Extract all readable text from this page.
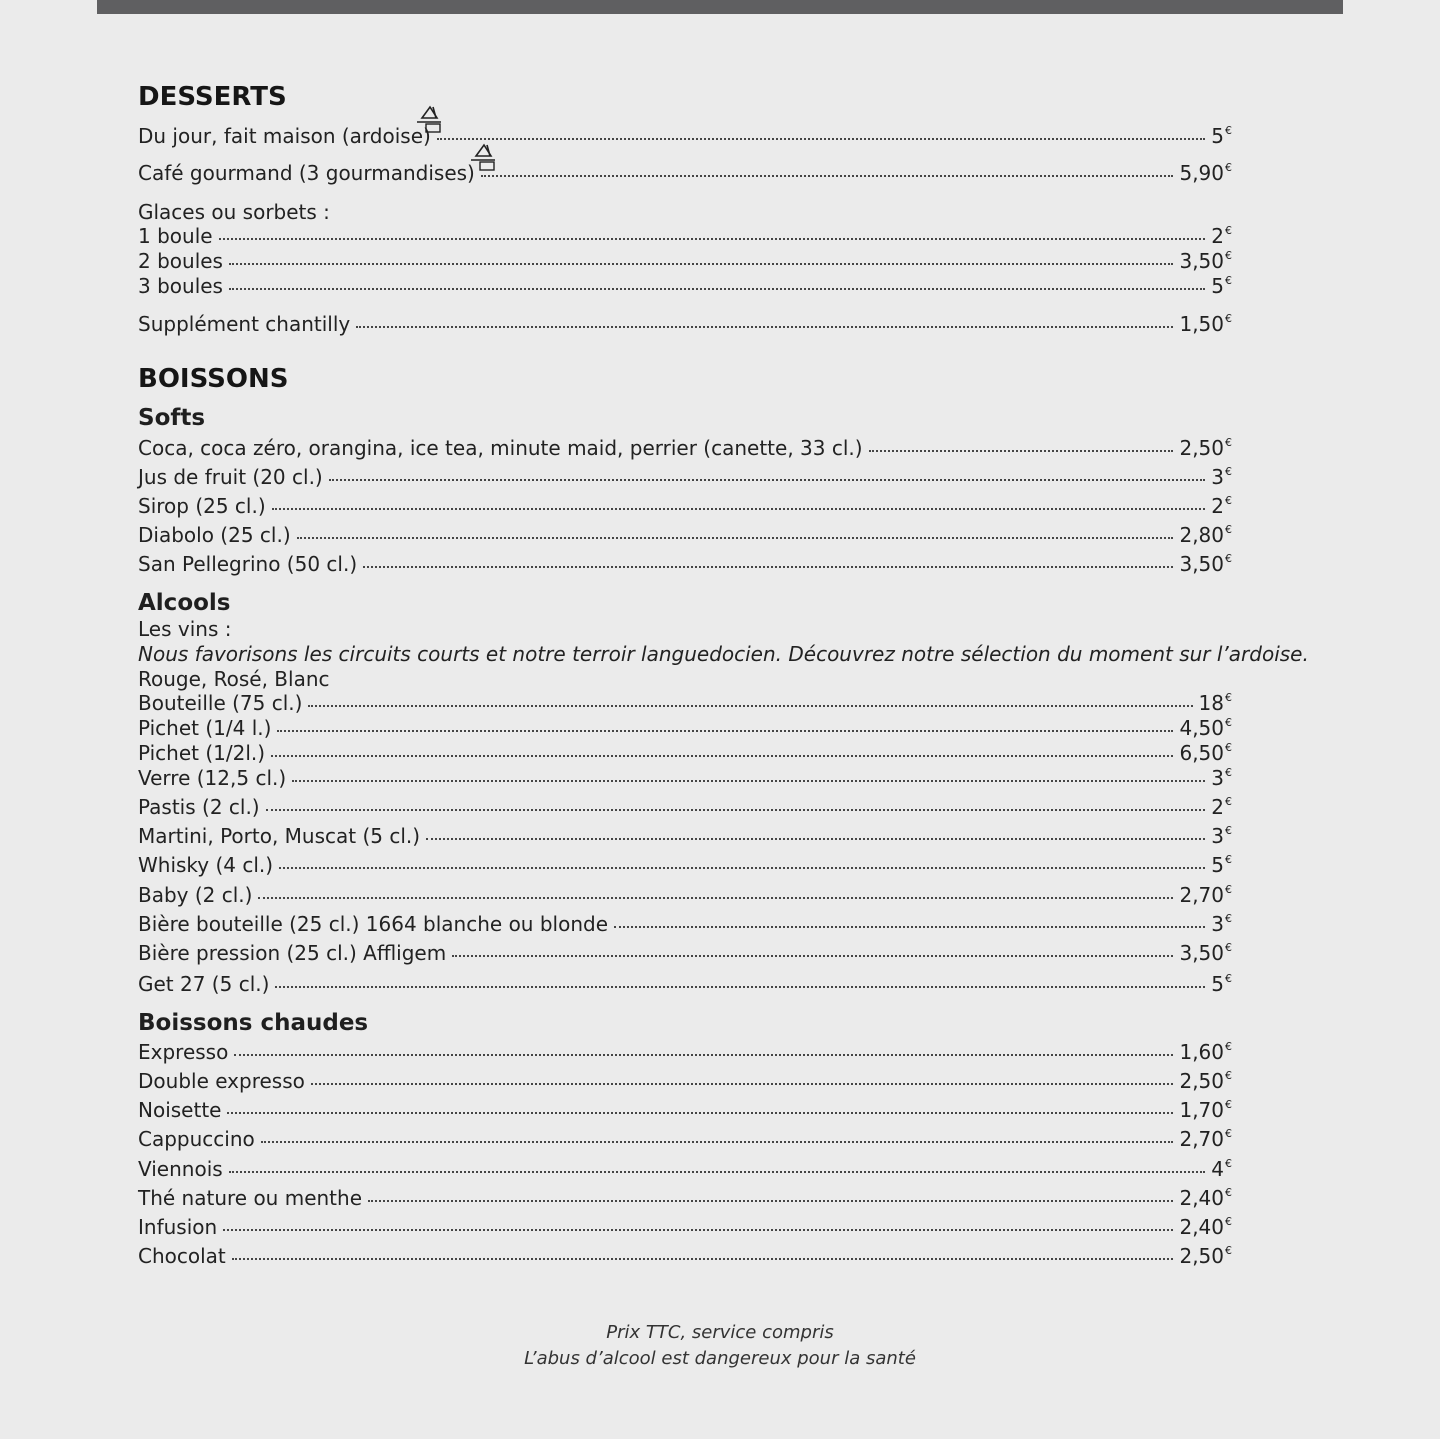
DESSERTS
Du jour, fait maison (ardoise)	5€
Café gourmand (3 gourmandises)	5,90€
Glaces ou sorbets :
1 boule	2€
2 boules	3,50€
3 boules	5€
Supplément chantilly	1,50€
BOISSONS
Softs
Coca, coca zéro, orangina, ice tea, minute maid, perrier (canette, 33 cl.)	2,50€
Jus de fruit (20 cl.)	3€
Sirop (25 cl.)	2€
Diabolo (25 cl.)	2,80€
San Pellegrino (50 cl.)	3,50€
Alcools
Les vins :
Nous favorisons les circuits courts et notre terroir languedocien. Découvrez notre sélection du moment sur l’ardoise.
Rouge, Rosé, Blanc
Bouteille (75 cl.)	18€
Pichet (1/4 l.)	4,50€
Pichet (1/2l.)	6,50€
Verre (12,5 cl.)	3€
Pastis (2 cl.)	2€
Martini, Porto, Muscat (5 cl.)	3€
Whisky (4 cl.)	5€
Baby (2 cl.)	2,70€
Bière bouteille (25 cl.) 1664 blanche ou blonde	3€
Bière pression (25 cl.) Affligem	3,50€
Get 27 (5 cl.)	5€
Boissons chaudes
Expresso	1,60€
Double expresso	2,50€
Noisette	1,70€
Cappuccino	2,70€
Viennois	4€
Thé nature ou menthe	2,40€
Infusion	2,40€
Chocolat	2,50€
Prix TTC, service compris
L’abus d’alcool est dangereux pour la santé
